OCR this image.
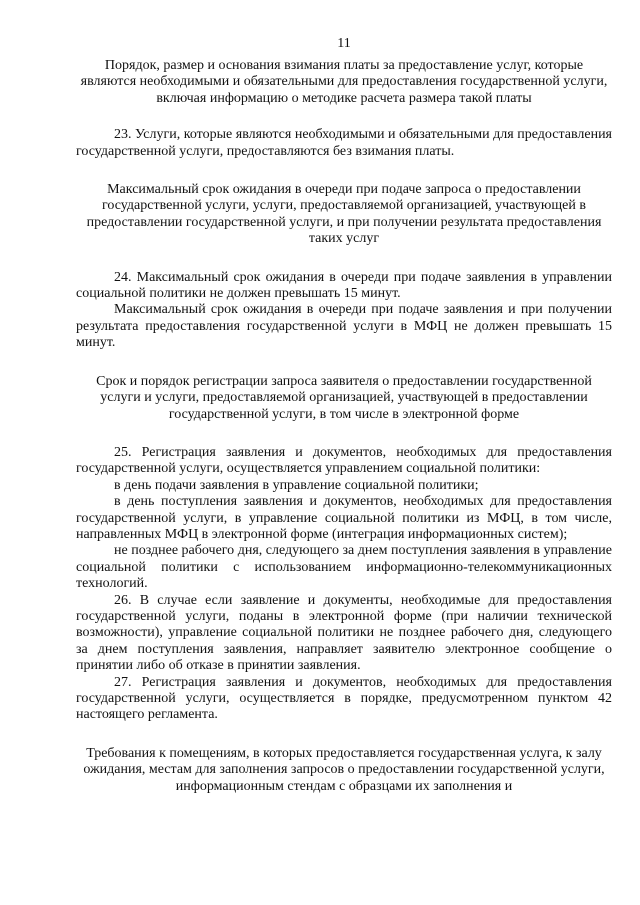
11

Порядок, размер и основания взимания платы за предоставление услуг, которые являются необходимыми и обязательными для предоставления государственной услуги, включая информацию о методике расчета размера такой платы

23. Услуги, которые являются необходимыми и обязательными для предоставления государственной услуги, предоставляются без взимания платы.

Максимальный срок ожидания в очереди при подаче запроса о предоставлении государственной услуги, услуги, предоставляемой организацией, участвующей в предоставлении государственной услуги, и при получении результата предоставления таких услуг

24. Максимальный срок ожидания в очереди при подаче заявления в управлении социальной политики не должен превышать 15 минут.

Максимальный срок ожидания в очереди при подаче заявления и при получении результата предоставления государственной услуги в МФЦ не должен превышать 15 минут.

Срок и порядок регистрации запроса заявителя о предоставлении государственной услуги и услуги, предоставляемой организацией, участвующей в предоставлении государственной услуги, в том числе в электронной форме

25. Регистрация заявления и документов, необходимых для предоставления государственной услуги, осуществляется управлением социальной политики:

в день подачи заявления в управление социальной политики;

в день поступления заявления и документов, необходимых для предоставления государственной услуги, в управление социальной политики из МФЦ, в том числе, направленных МФЦ в электронной форме (интеграция информационных систем);

не позднее рабочего дня, следующего за днем поступления заявления в управление социальной политики с использованием информационно-телекоммуникационных технологий.

26. В случае если заявление и документы, необходимые для предоставления государственной услуги, поданы в электронной форме (при наличии технической возможности), управление социальной политики не позднее рабочего дня, следующего за днем поступления заявления, направляет заявителю электронное сообщение о принятии либо об отказе в принятии заявления.

27. Регистрация заявления и документов, необходимых для предоставления государственной услуги, осуществляется в порядке, предусмотренном пунктом 42 настоящего регламента.

Требования к помещениям, в которых предоставляется государственная услуга, к залу ожидания, местам для заполнения запросов о предоставлении государственной услуги, информационным стендам с образцами их заполнения и
